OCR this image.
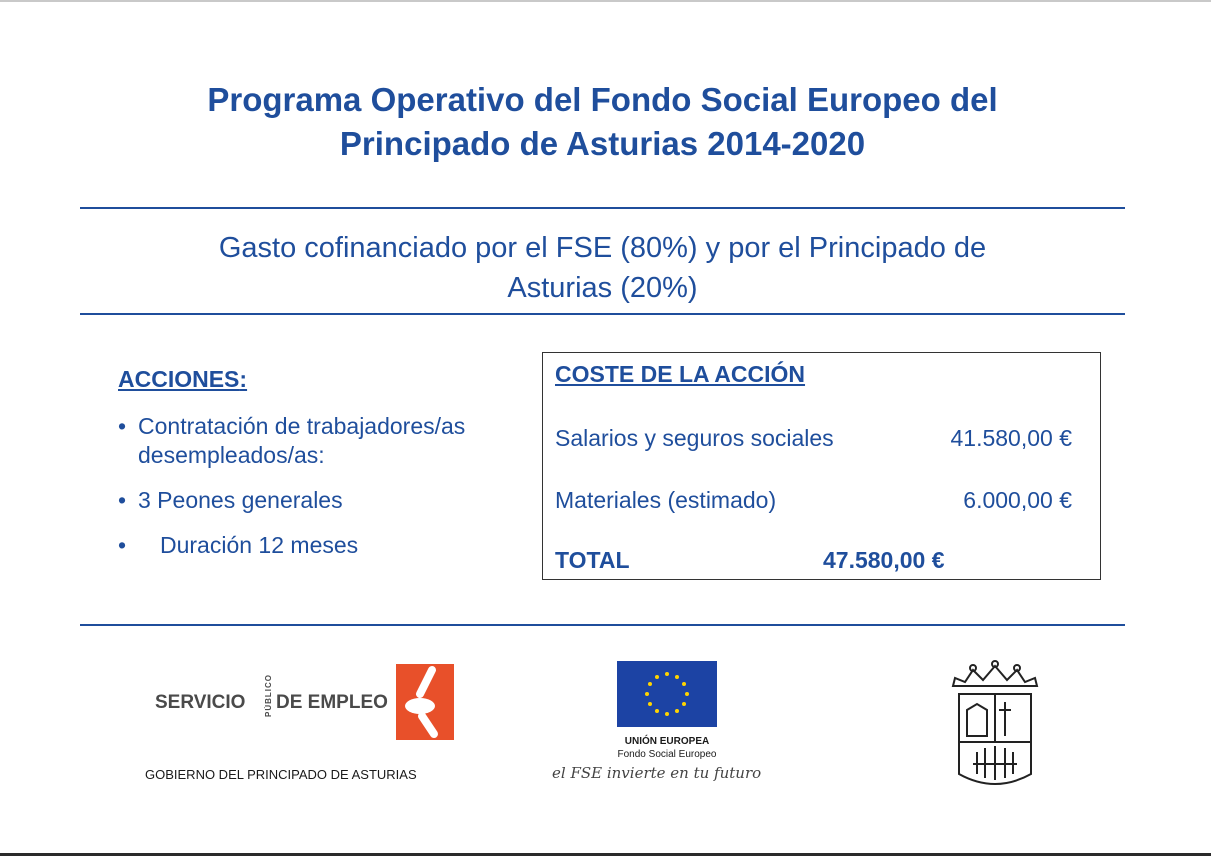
Programa Operativo del Fondo Social Europeo del
Principado de Asturias 2014-2020
Gasto cofinanciado por el FSE (80%) y por el Principado de
Asturias (20%)
ACCIONES:
• Contratación de trabajadores/as desempleados/as:
• 3 Peones generales
• Duración 12 meses
COSTE DE LA ACCIÓN
Salarios y seguros sociales	41.580,00 €
Materiales (estimado)	6.000,00 €
TOTAL	47.580,00 €
SERVICIO PÚBLICO DE EMPLEO
GOBIERNO DEL PRINCIPADO DE ASTURIAS
UNIÓN EUROPEA
Fondo Social Europeo
el FSE invierte en tu futuro
